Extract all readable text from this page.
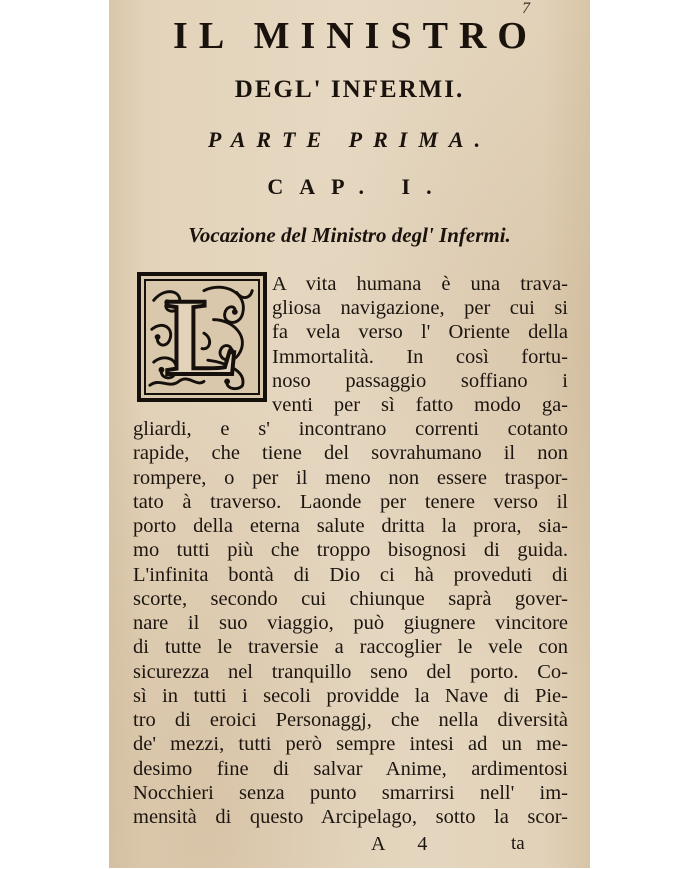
7
IL MINISTRO
DEGL' INFERMI.
PARTE PRIMA.
CAP. I.
Vocazione del Ministro degl' Infermi.
L	A vita humana è una trava-
gliosa navigazione, per cui si
fa vela verso l' Oriente della
Immortalità. In così fortu-
noso passaggio soffiano i
venti per sì fatto modo ga-
gliardi, e s' incontrano correnti cotanto
rapide, che tiene del sovrahumano il non
rompere, o per il meno non essere traspor-
tato à traverso. Laonde per tenere verso il
porto della eterna salute dritta la prora, sia-
mo tutti più che troppo bisognosi di guida.
L'infinita bontà di Dio ci hà proveduti di
scorte, secondo cui chiunque saprà gover-
nare il suo viaggio, può giugnere vincitore
di tutte le traversie a raccoglier le vele con
sicurezza nel tranquillo seno del porto. Co-
sì in tutti i secoli providde la Nave di Pie-
tro di eroici Personaggj, che nella diversità
de' mezzi, tutti però sempre intesi ad un me-
desimo fine di salvar Anime, ardimentosi
Nocchieri senza punto smarrirsi nell' im-
mensità di questo Arcipelago, sotto la scor-
A 4	ta
